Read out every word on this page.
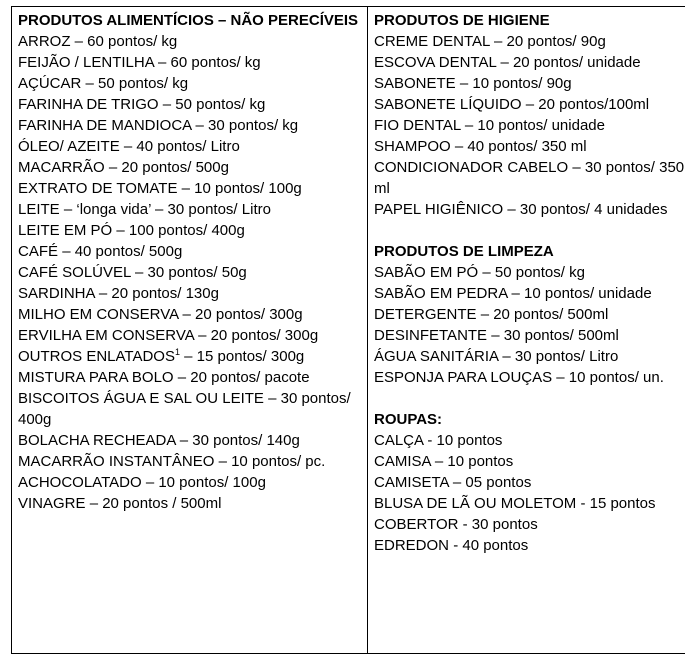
PRODUTOS ALIMENTÍCIOS – NÃO PERECÍVEIS
ARROZ – 60 pontos/ kg
FEIJÃO / LENTILHA – 60 pontos/ kg
AÇÚCAR – 50 pontos/ kg
FARINHA DE TRIGO – 50 pontos/ kg
FARINHA DE MANDIOCA – 30 pontos/ kg
ÓLEO/ AZEITE – 40 pontos/ Litro
MACARRÃO – 20 pontos/ 500g
EXTRATO DE TOMATE – 10 pontos/ 100g
LEITE – ‘longa vida’ – 30 pontos/ Litro
LEITE EM PÓ – 100 pontos/ 400g
CAFÉ – 40 pontos/ 500g
CAFÉ SOLÚVEL – 30 pontos/ 50g
SARDINHA – 20 pontos/ 130g
MILHO EM CONSERVA – 20 pontos/ 300g
ERVILHA EM CONSERVA – 20 pontos/ 300g
OUTROS ENLATADOS$^1$ – 15 pontos/ 300g
MISTURA PARA BOLO – 20 pontos/ pacote
BISCOITOS ÁGUA E SAL OU LEITE – 30 pontos/ 400g
BOLACHA RECHEADA – 30 pontos/ 140g
MACARRÃO INSTANTÂNEO – 10 pontos/ pc.
ACHOCOLATADO – 10 pontos/ 100g
VINAGRE – 20 pontos / 500ml

PRODUTOS DE HIGIENE
CREME DENTAL – 20 pontos/ 90g
ESCOVA DENTAL – 20 pontos/ unidade
SABONETE – 10 pontos/ 90g
SABONETE LÍQUIDO – 20 pontos/100ml
FIO DENTAL – 10 pontos/ unidade
SHAMPOO – 40 pontos/ 350 ml
CONDICIONADOR CABELO – 30 pontos/ 350 ml
PAPEL HIGIÊNICO – 30 pontos/ 4 unidades
PRODUTOS DE LIMPEZA
SABÃO EM PÓ – 50 pontos/ kg
SABÃO EM PEDRA – 10 pontos/ unidade
DETERGENTE – 20 pontos/ 500ml
DESINFETANTE – 30 pontos/ 500ml
ÁGUA SANITÁRIA – 30 pontos/ Litro
ESPONJA PARA LOUÇAS – 10 pontos/ un.
ROUPAS:
CALÇA - 10 pontos
CAMISA – 10 pontos
CAMISETA – 05 pontos
BLUSA DE LÃ OU MOLETOM - 15 pontos
COBERTOR - 30 pontos
EDREDON - 40 pontos
